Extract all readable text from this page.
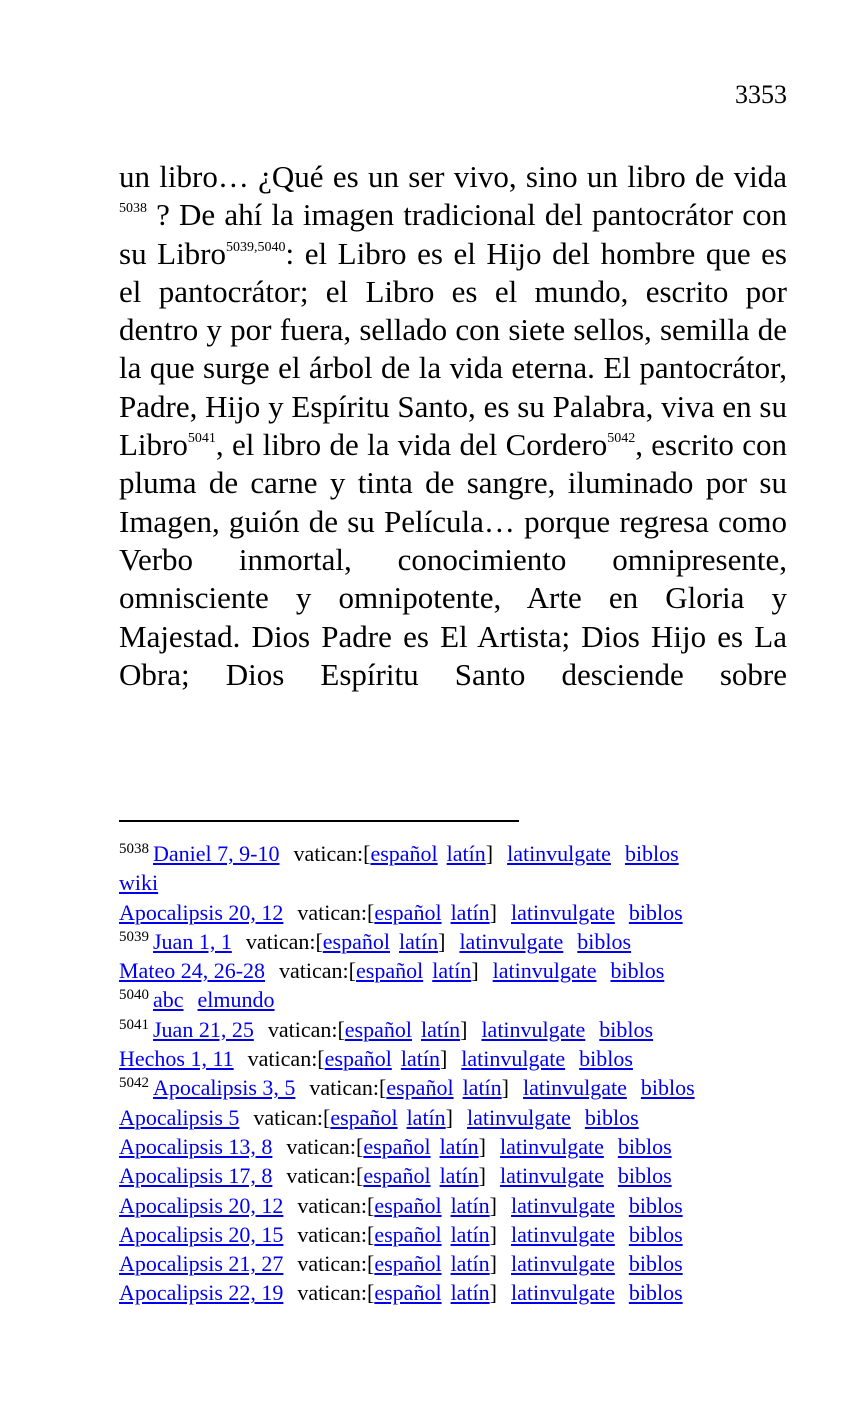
3353

un libro… ¿Qué es un ser vivo, sino un libro de vida $^{5038}$ ? De ahí la imagen tradicional del pantocrátor con su Libro$^{5039,5040}$: el Libro es el Hijo del hombre que es el pantocrátor; el Libro es el mundo, escrito por dentro y por fuera, sellado con siete sellos, semilla de la que surge el árbol de la vida eterna. El pantocrátor, Padre, Hijo y Espíritu Santo, es su Palabra, viva en su Libro$^{5041}$, el libro de la vida del Cordero$^{5042}$, escrito con pluma de carne y tinta de sangre, iluminado por su Imagen, guión de su Película… porque regresa como Verbo inmortal, conocimiento omnipresente, omnisciente y omnipotente, Arte en Gloria y Majestad. Dios Padre es El Artista; Dios Hijo es La Obra; Dios Espíritu Santo desciende sobre

$^{5038}$ Daniel 7, 9-10 vatican:[español latín] latinvulgate biblos
wiki
Apocalipsis 20, 12 vatican:[español latín] latinvulgate biblos
$^{5039}$ Juan 1, 1 vatican:[español latín] latinvulgate biblos
Mateo 24, 26-28 vatican:[español latín] latinvulgate biblos
$^{5040}$ abc elmundo
$^{5041}$ Juan 21, 25 vatican:[español latín] latinvulgate biblos
Hechos 1, 11 vatican:[español latín] latinvulgate biblos
$^{5042}$ Apocalipsis 3, 5 vatican:[español latín] latinvulgate biblos
Apocalipsis 5 vatican:[español latín] latinvulgate biblos
Apocalipsis 13, 8 vatican:[español latín] latinvulgate biblos
Apocalipsis 17, 8 vatican:[español latín] latinvulgate biblos
Apocalipsis 20, 12 vatican:[español latín] latinvulgate biblos
Apocalipsis 20, 15 vatican:[español latín] latinvulgate biblos
Apocalipsis 21, 27 vatican:[español latín] latinvulgate biblos
Apocalipsis 22, 19 vatican:[español latín] latinvulgate biblos
